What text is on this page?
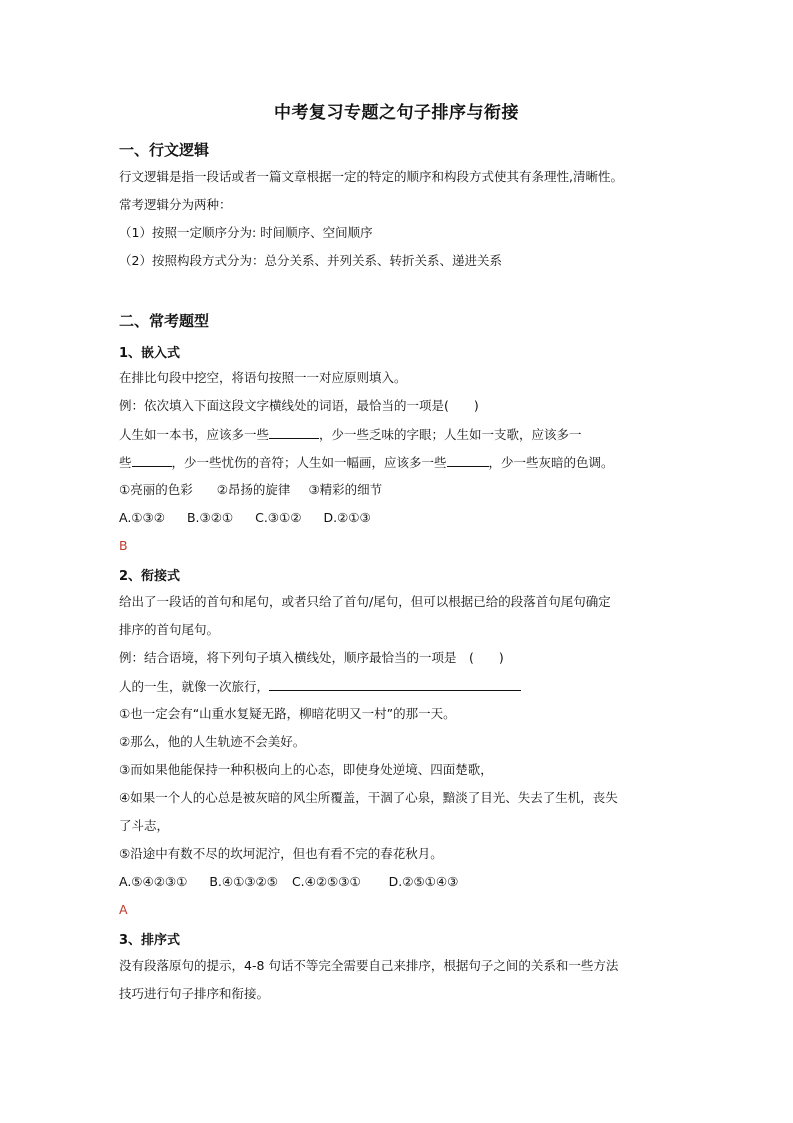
中考复习专题之句子排序与衔接
一、行文逻辑
行文逻辑是指一段话或者一篇文章根据一定的特定的顺序和构段方式使其有条理性,清晰性。
常考逻辑分为两种：
（1）按照一定顺序分为: 时间顺序、空间顺序
（2）按照构段方式分为：总分关系、并列关系、转折关系、递进关系
二、常考题型
1、嵌入式
在排比句段中挖空，将语句按照一一对应原则填入。
例：依次填入下面这段文字横线处的词语，最恰当的一项是(　　)
人生如一本书，应该多一些	，少一些乏味的字眼；人生如一支歌，应该多一
些	，少一些忧伤的音符；人生如一幅画，应该多一些	，少一些灰暗的色调。
①亮丽的色彩 ②昂扬的旋律 ③精彩的细节
A.①③② B.③②① C.③①② D.②①③
B
2、衔接式
给出了一段话的首句和尾句，或者只给了首句/尾句，但可以根据已给的段落首句尾句确定
排序的首句尾句。
例：结合语境，将下列句子填入横线处，顺序最恰当的一项是　(　　)
人的一生，就像一次旅行，
①也一定会有“山重水复疑无路，柳暗花明又一村”的那一天。
②那么，他的人生轨迹不会美好。
③而如果他能保持一种积极向上的心态，即使身处逆境、四面楚歌，
④如果一个人的心总是被灰暗的风尘所覆盖，干涸了心泉，黯淡了目光、失去了生机，丧失
了斗志，
⑤沿途中有数不尽的坎坷泥泞，但也有看不完的春花秋月。
A.⑤④②③① B.④①③②⑤ C.④②⑤③① D.②⑤①④③
A
3、排序式
没有段落原句的提示，4-8 句话不等完全需要自己来排序，根据句子之间的关系和一些方法
技巧进行句子排序和衔接。
